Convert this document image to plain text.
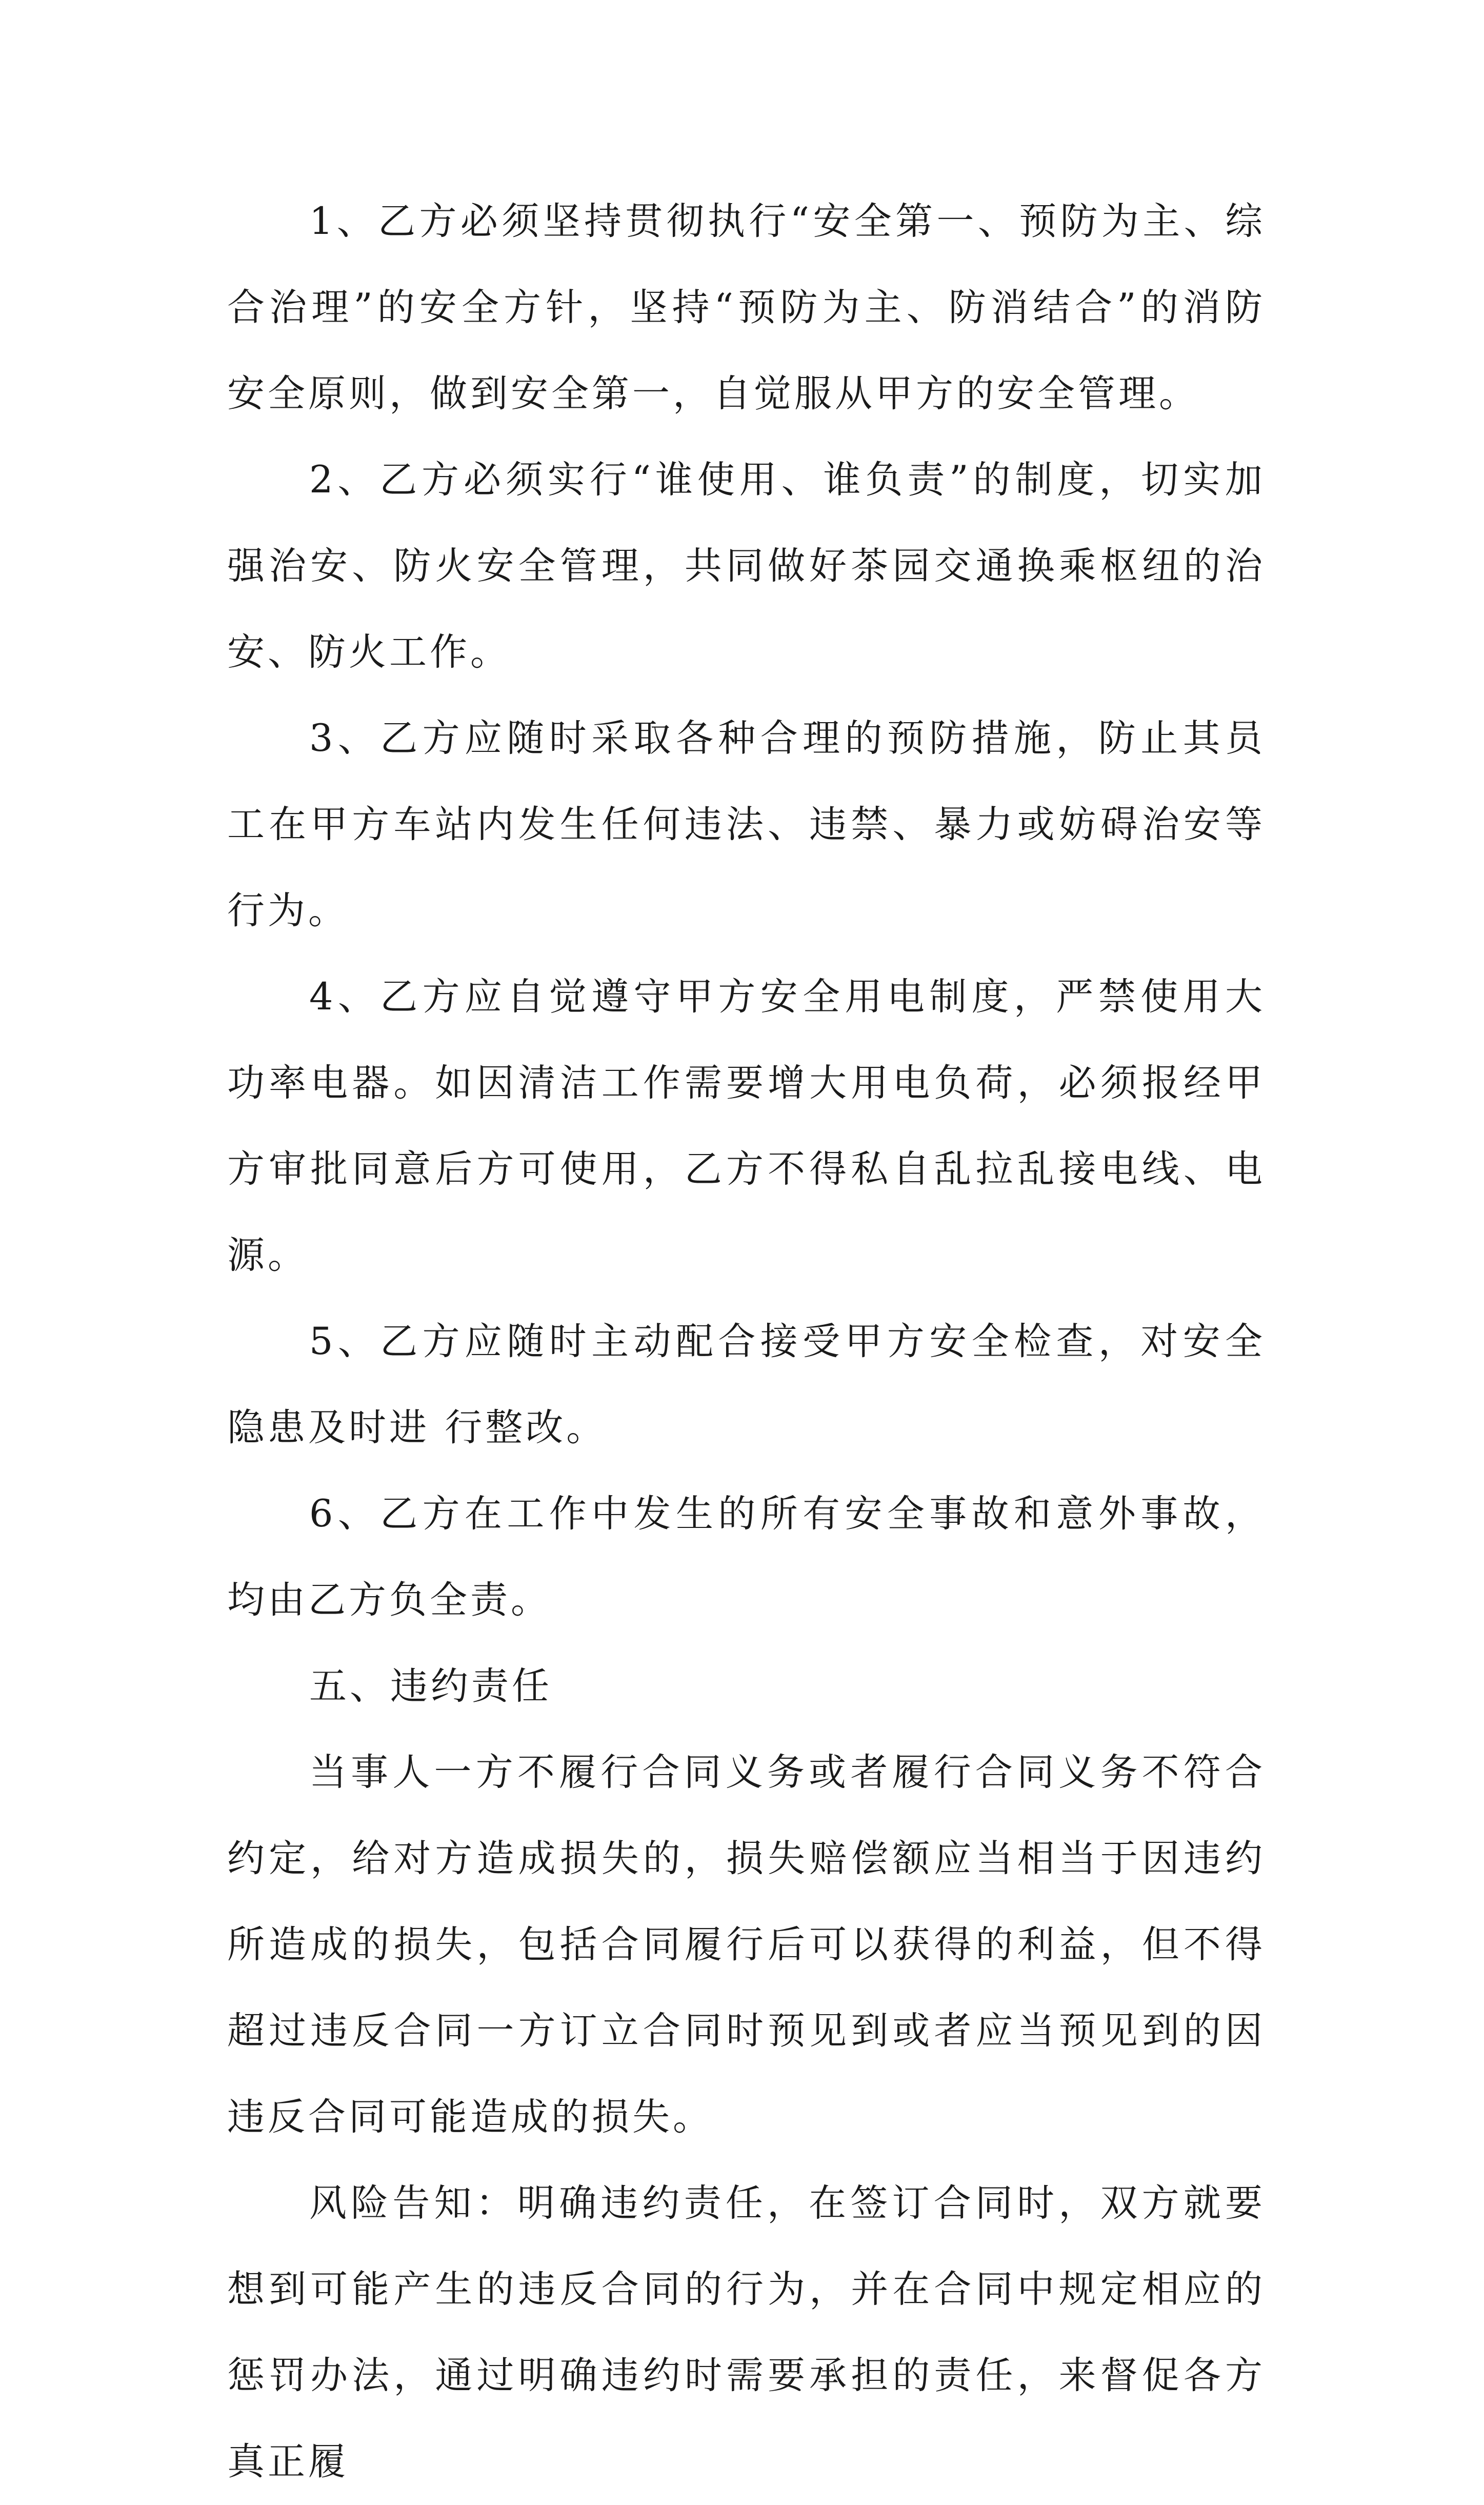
1、乙方必须坚持贯彻执行“安全第一、预防为主、综合治理”的安全方针，坚持“预防为主、防消结合”的消防安全原则，做到安全第一，自觉服从甲方的安全管理。

2、乙方必须实行“谁使用、谁负责”的制度，切实加强治安、防火安全管理，共同做好茶园交通换乘枢纽的治安、防火工作。

3、乙方应随时采取各种合理的预防措施，防止其员工在甲方车站内发生任何违法、违禁、暴力或妨碍治安等行为。

4、乙方应自觉遵守甲方安全用电制度，严禁使用大功率电器。如因清洁工作需要增大用电负荷，必须报经甲方审批同意后方可使用，乙方不得私自乱拉乱接电线、电源。

5、乙方应随时主动配合接受甲方安全检查，对安全隐患及时进 行整改。

6、乙方在工作中发生的所有安全事故和意外事故，均由乙方负全责。

五、违约责任

当事人一方不履行合同义务或者履行合同义务不符合约定，给对方造成损失的，损失赔偿额应当相当于因违约所造成的损失，包括合同履行后可以获得的利益，但不得超过违反合同一方订立合同时预见到或者应当预见到的因违反合同可能造成的损失。

风险告知：明确违约责任，在签订合同时，双方就要想到可能产生的违反合同的行为，并在合同中规定相应的惩罚办法，通过明确违约时需要承担的责任，来督促各方真正履
